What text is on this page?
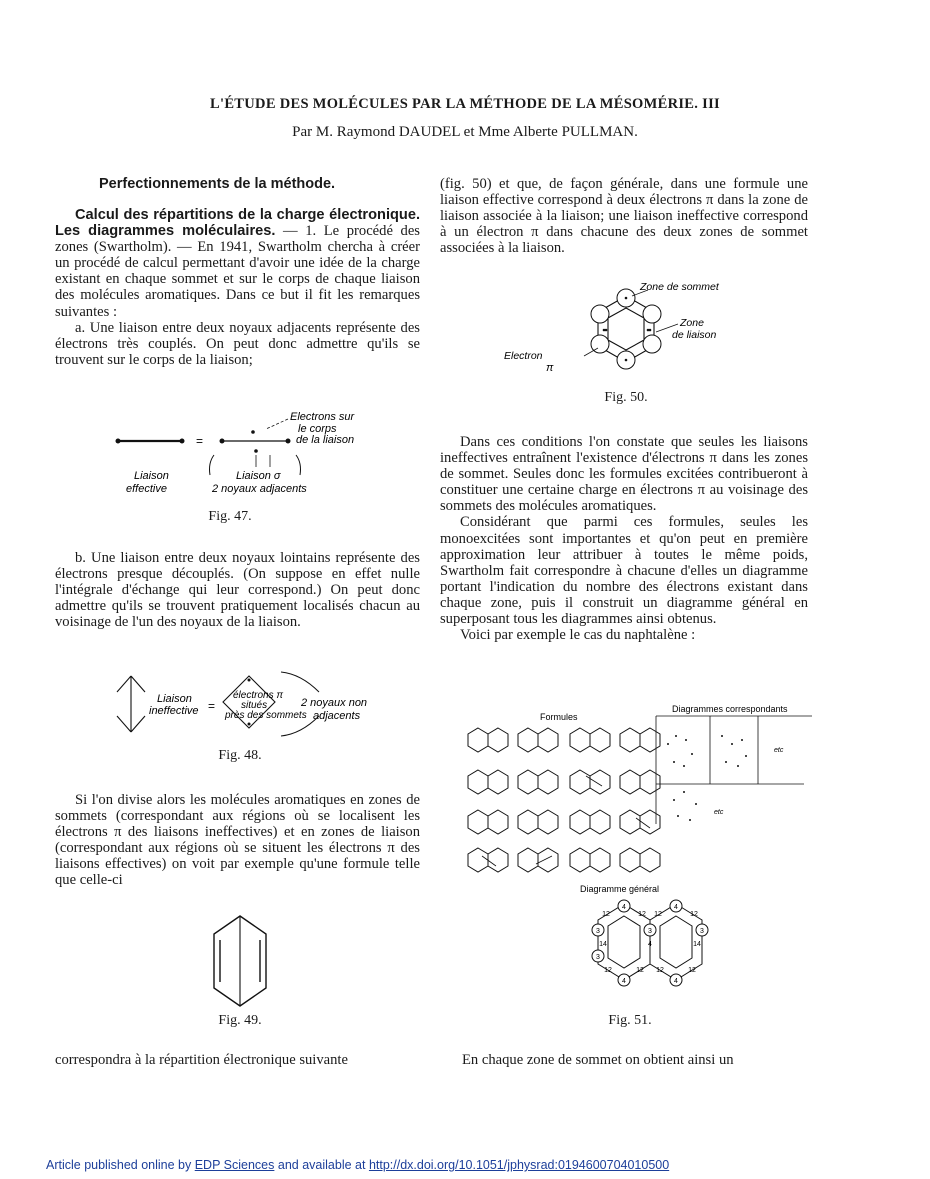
L'ÉTUDE DES MOLÉCULES PAR LA MÉTHODE DE LA MÉSOMÉRIE. III
Par M. Raymond DAUDEL et Mme Alberte PULLMAN.

Perfectionnements de la méthode.

Calcul des répartitions de la charge électronique. Les diagrammes moléculaires. — 1. Le procédé des zones (Swartholm). — En 1941, Swartholm chercha à créer un procédé de calcul permettant d'avoir une idée de la charge existant en chaque sommet et sur le corps de chaque liaison des molécules aromatiques. Dans ce but il fit les remarques suivantes :

a. Une liaison entre deux noyaux adjacents représente des électrons très couplés. On peut donc admettre qu'ils se trouvent sur le corps de la liaison;

=
Electrons sur
le corps
de la liaison
Liaison
effective
Liaison σ
2 noyaux adjacents
Fig. 47.

b. Une liaison entre deux noyaux lointains représente des électrons presque découplés. (On suppose en effet nulle l'intégrale d'échange qui leur correspond.) On peut donc admettre qu'ils se trouvent pratiquement localisés chacun au voisinage de l'un des noyaux de la liaison.

Liaison
ineffective =
électrons π
situés
près des sommets
2 noyaux non
adjacents
Fig. 48.

Si l'on divise alors les molécules aromatiques en zones de sommets (correspondant aux régions où se localisent les électrons π des liaisons ineffectives) et en zones de liaison (correspondant aux régions où se situent les électrons π des liaisons effectives) on voit par exemple qu'une formule telle que celle-ci

Fig. 49.

correspondra à la répartition électronique suivante

(fig. 50) et que, de façon générale, dans une formule une liaison effective correspond à deux électrons π dans la zone de liaison associée à la liaison; une liaison ineffective correspond à un électron π dans chacune des deux zones de sommet associées à la liaison.

Zone de sommet
Zone
de liaison
Electron
π
Fig. 50.

Dans ces conditions l'on constate que seules les liaisons ineffectives entraînent l'existence d'électrons π dans les zones de sommet. Seules donc les formules excitées contribueront à constituer une certaine charge en électrons π au voisinage des sommets des molécules aromatiques.

Considérant que parmi ces formules, seules les monoexcitées sont importantes et qu'on peut en première approximation leur attribuer à toutes le même poids, Swartholm fait correspondre à chacune d'elles un diagramme portant l'indication du nombre des électrons existant dans chaque zone, puis il construit un diagramme général en superposant tous les diagrammes ainsi obtenus.

Voici par exemple le cas du naphtalène :

Formules
Diagrammes correspondants
etc
etc
Diagramme général
4
12	12
4
12	12
3	3	3
14	4	14
3
12	12
4
12	12
4
Fig. 51.

En chaque zone de sommet on obtient ainsi un

Article published online by EDP Sciences and available at http://dx.doi.org/10.1051/jphysrad:0194600704010500
